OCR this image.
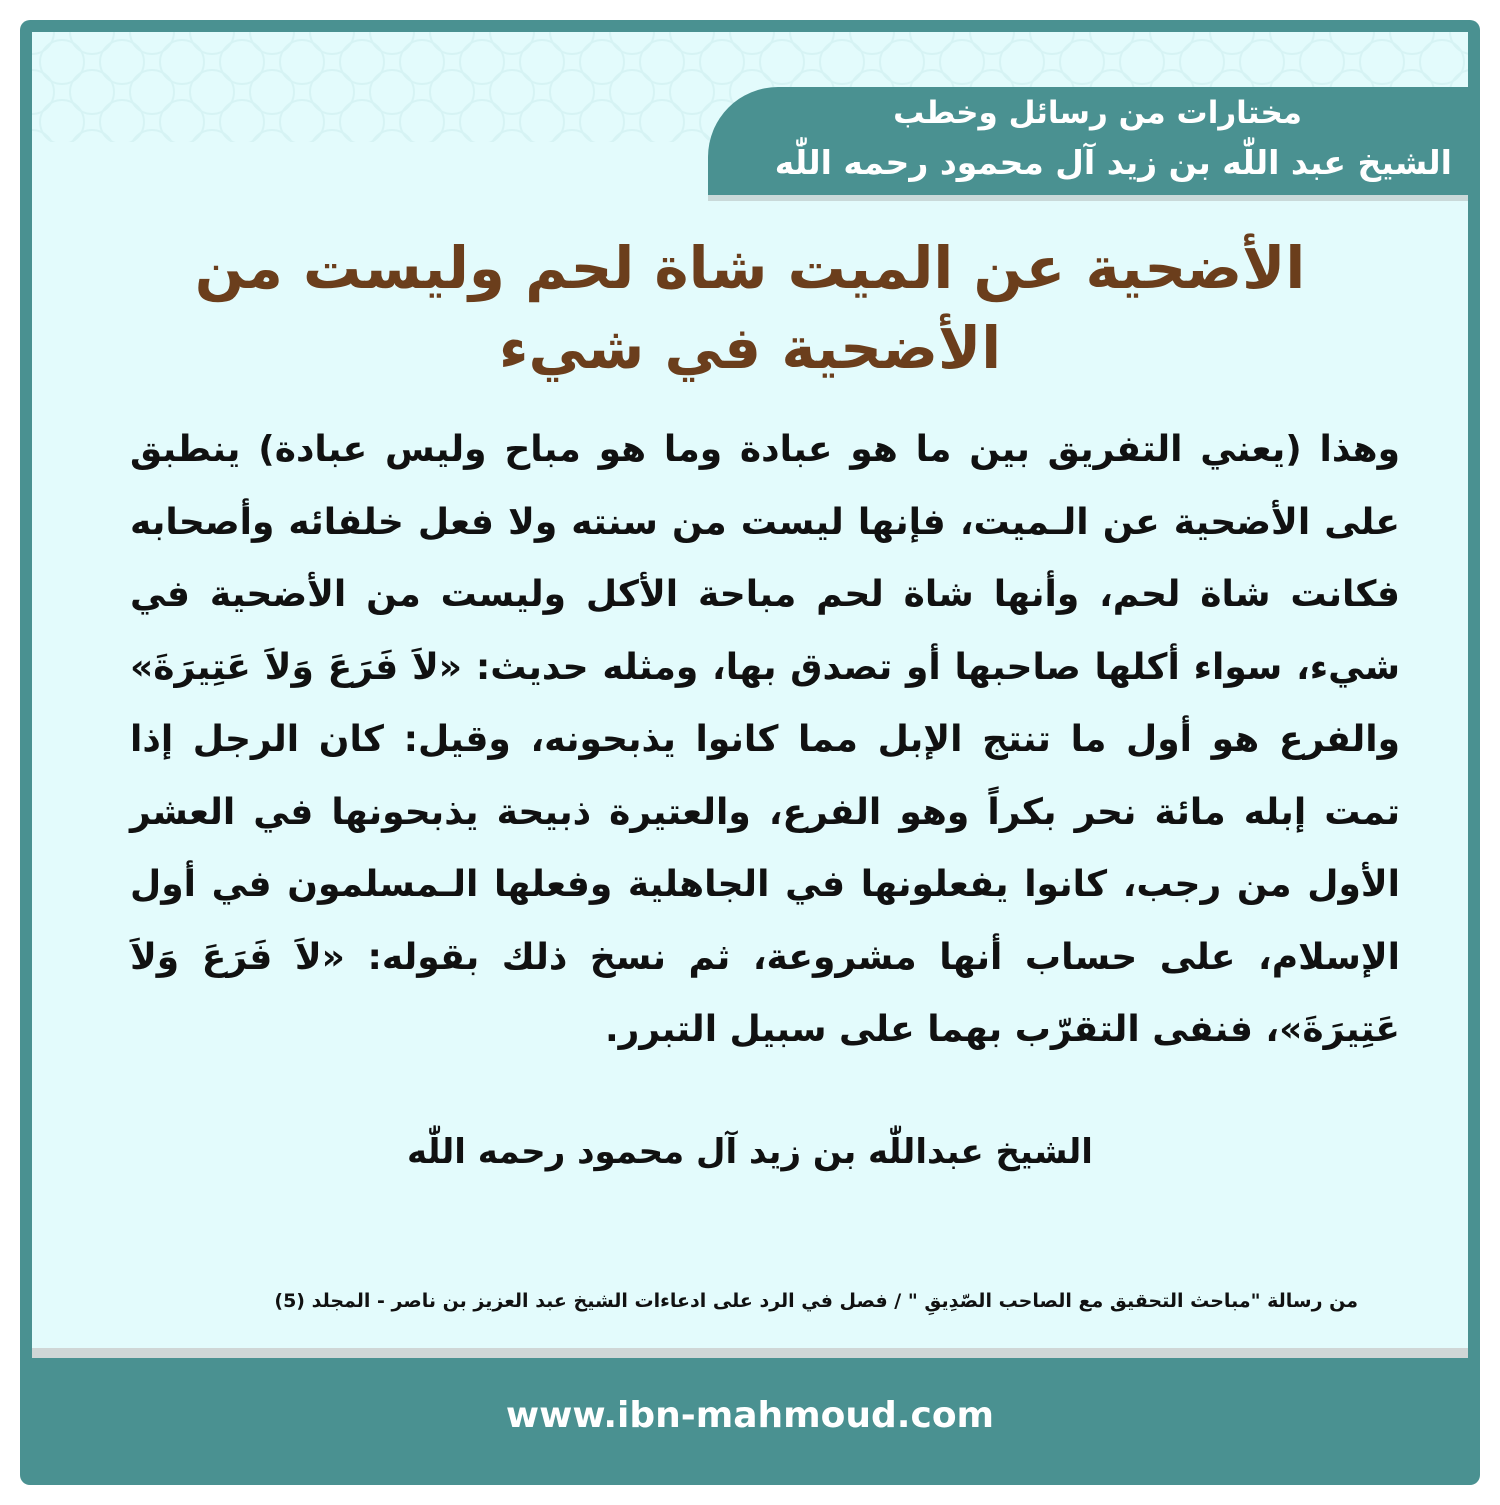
مختارات من رسائل وخطب
الشيخ عبد اللّٰه بن زيد آل محمود رحمه اللّٰه
الأضحية عن الميت شاة لحم وليست من الأضحية في شيء
وهذا (يعني التفريق بين ما هو عبادة وما هو مباح وليس عبادة) ينطبق على الأضحية عن الـميت، فإنها ليست من سنته ولا فعل خلفائه وأصحابه فكانت شاة لحم، وأنها شاة لحم مباحة الأكل وليست من الأضحية في شيء، سواء أكلها صاحبها أو تصدق بها، ومثله حديث: «لاَ فَرَعَ وَلاَ عَتِيرَةَ» والفرع هو أول ما تنتج الإبل مما كانوا يذبحونه، وقيل: كان الرجل إذا تمت إبله مائة نحر بكراً وهو الفرع، والعتيرة ذبيحة يذبحونها في العشر الأول من رجب، كانوا يفعلونها في الجاهلية وفعلها الـمسلمون في أول الإسلام، على حساب أنها مشروعة، ثم نسخ ذلك بقوله: «لاَ فَرَعَ وَلاَ عَتِيرَةَ»، فنفى التقرّب بهما على سبيل التبرر.
الشيخ عبداللّٰه بن زيد آل محمود رحمه اللّٰه
من رسالة "مباحث التحقيق مع الصاحب الصّدِيقِ " / فصل في الرد على ادعاءات الشيخ عبد العزيز بن ناصر - المجلد (5)
www.ibn-mahmoud.com
